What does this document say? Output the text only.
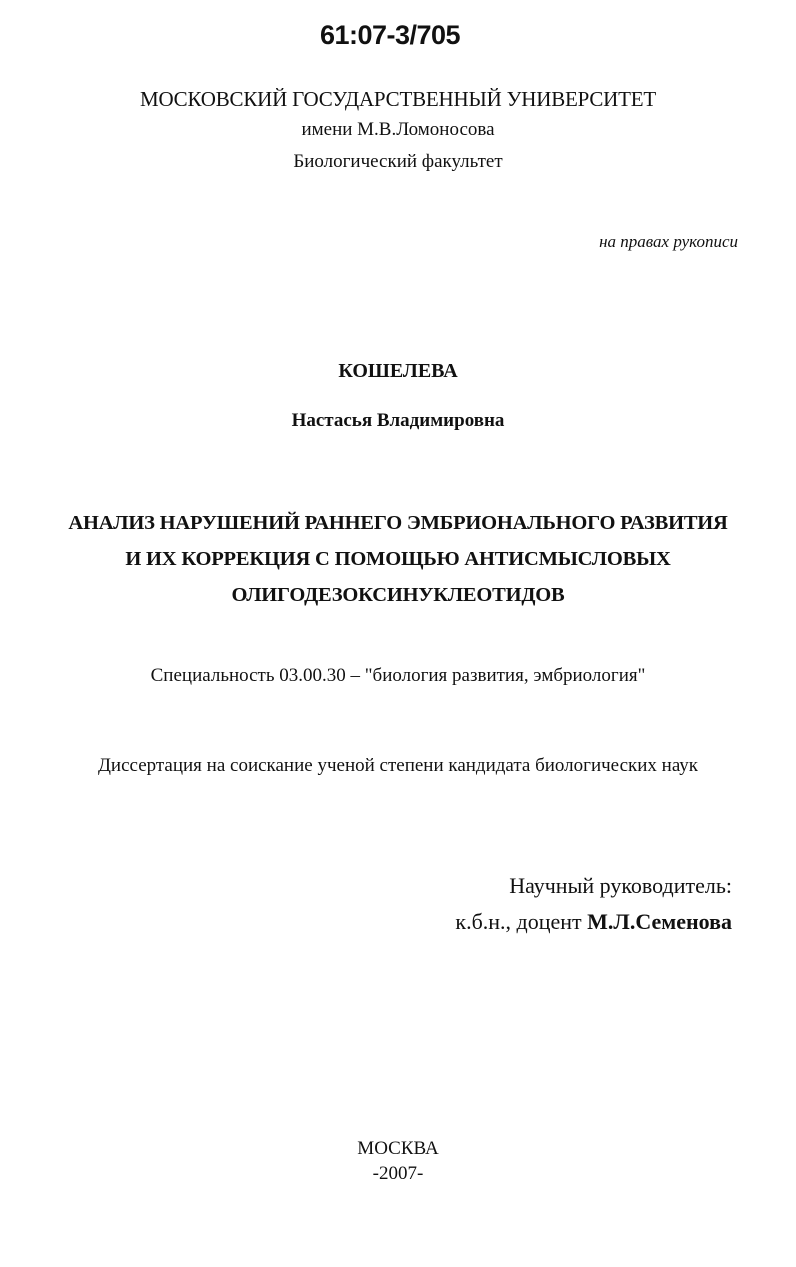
61:07-3/705
МОСКОВСКИЙ ГОСУДАРСТВЕННЫЙ УНИВЕРСИТЕТ
имени М.В.Ломоносова
Биологический факультет
на правах рукописи
КОШЕЛЕВА
Настасья Владимировна
АНАЛИЗ НАРУШЕНИЙ РАННЕГО ЭМБРИОНАЛЬНОГО РАЗВИТИЯ
И ИХ КОРРЕКЦИЯ С ПОМОЩЬЮ АНТИСМЫСЛОВЫХ
ОЛИГОДЕЗОКСИНУКЛЕОТИДОВ
Специальность 03.00.30 – "биология развития, эмбриология"
Диссертация на соискание ученой степени кандидата биологических наук
Научный руководитель:
к.б.н., доцент М.Л.Семенова
МОСКВА
-2007-
